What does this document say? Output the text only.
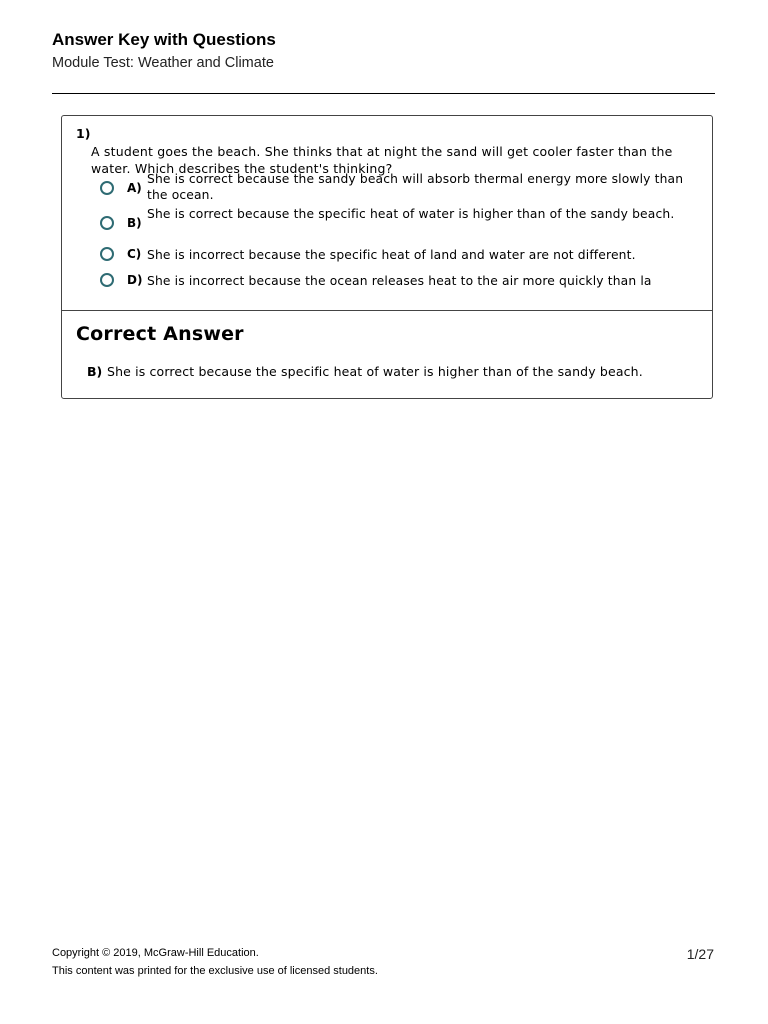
Answer Key with Questions
Module Test: Weather and Climate
1)
A student goes the beach. She thinks that at night the sand will get cooler faster than the water. Which describes the student's thinking?
A)
She is correct because the sandy beach will absorb thermal energy more slowly than the ocean.
B)
She is correct because the specific heat of water is higher than of the sandy beach.
C) She is incorrect because the specific heat of land and water are not different.
D) She is incorrect because the ocean releases heat to the air more quickly than la
Correct Answer
B) She is correct because the specific heat of water is higher than of the sandy beach.
Copyright © 2019, McGraw-Hill Education.
This content was printed for the exclusive use of licensed students.
1/27
